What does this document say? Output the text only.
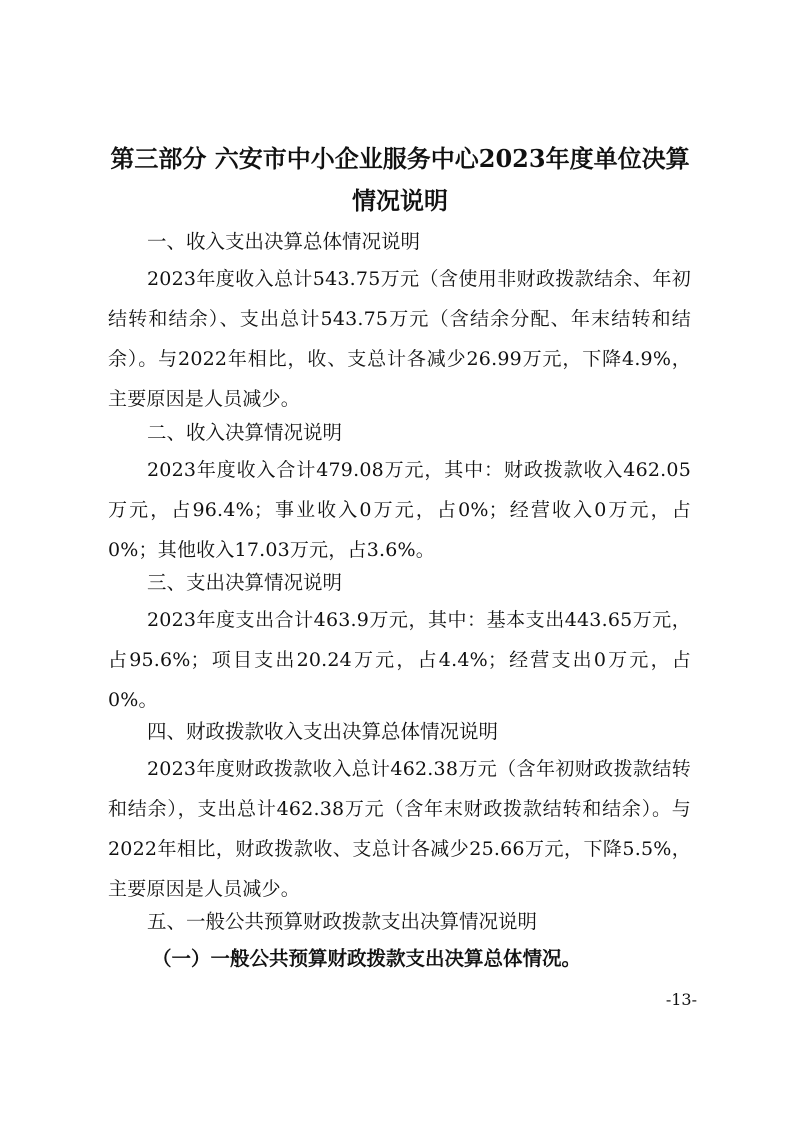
第三部分 六安市中小企业服务中心2023年度单位决算情况说明
一、收入支出决算总体情况说明
2023年度收入总计543.75万元（含使用非财政拨款结余、年初结转和结余）、支出总计543.75万元（含结余分配、年末结转和结余）。与2022年相比，收、支总计各减少26.99万元，下降4.9%，主要原因是人员减少。
二、收入决算情况说明
2023年度收入合计479.08万元，其中：财政拨款收入462.05万元，占96.4%；事业收入0万元，占0%；经营收入0万元，占0%；其他收入17.03万元，占3.6%。
三、支出决算情况说明
2023年度支出合计463.9万元，其中：基本支出443.65万元，占95.6%；项目支出20.24万元，占4.4%；经营支出0万元，占0%。
四、财政拨款收入支出决算总体情况说明
2023年度财政拨款收入总计462.38万元（含年初财政拨款结转和结余），支出总计462.38万元（含年末财政拨款结转和结余）。与2022年相比，财政拨款收、支总计各减少25.66万元，下降5.5%，主要原因是人员减少。
五、一般公共预算财政拨款支出决算情况说明
（一）一般公共预算财政拨款支出决算总体情况。
-13-
